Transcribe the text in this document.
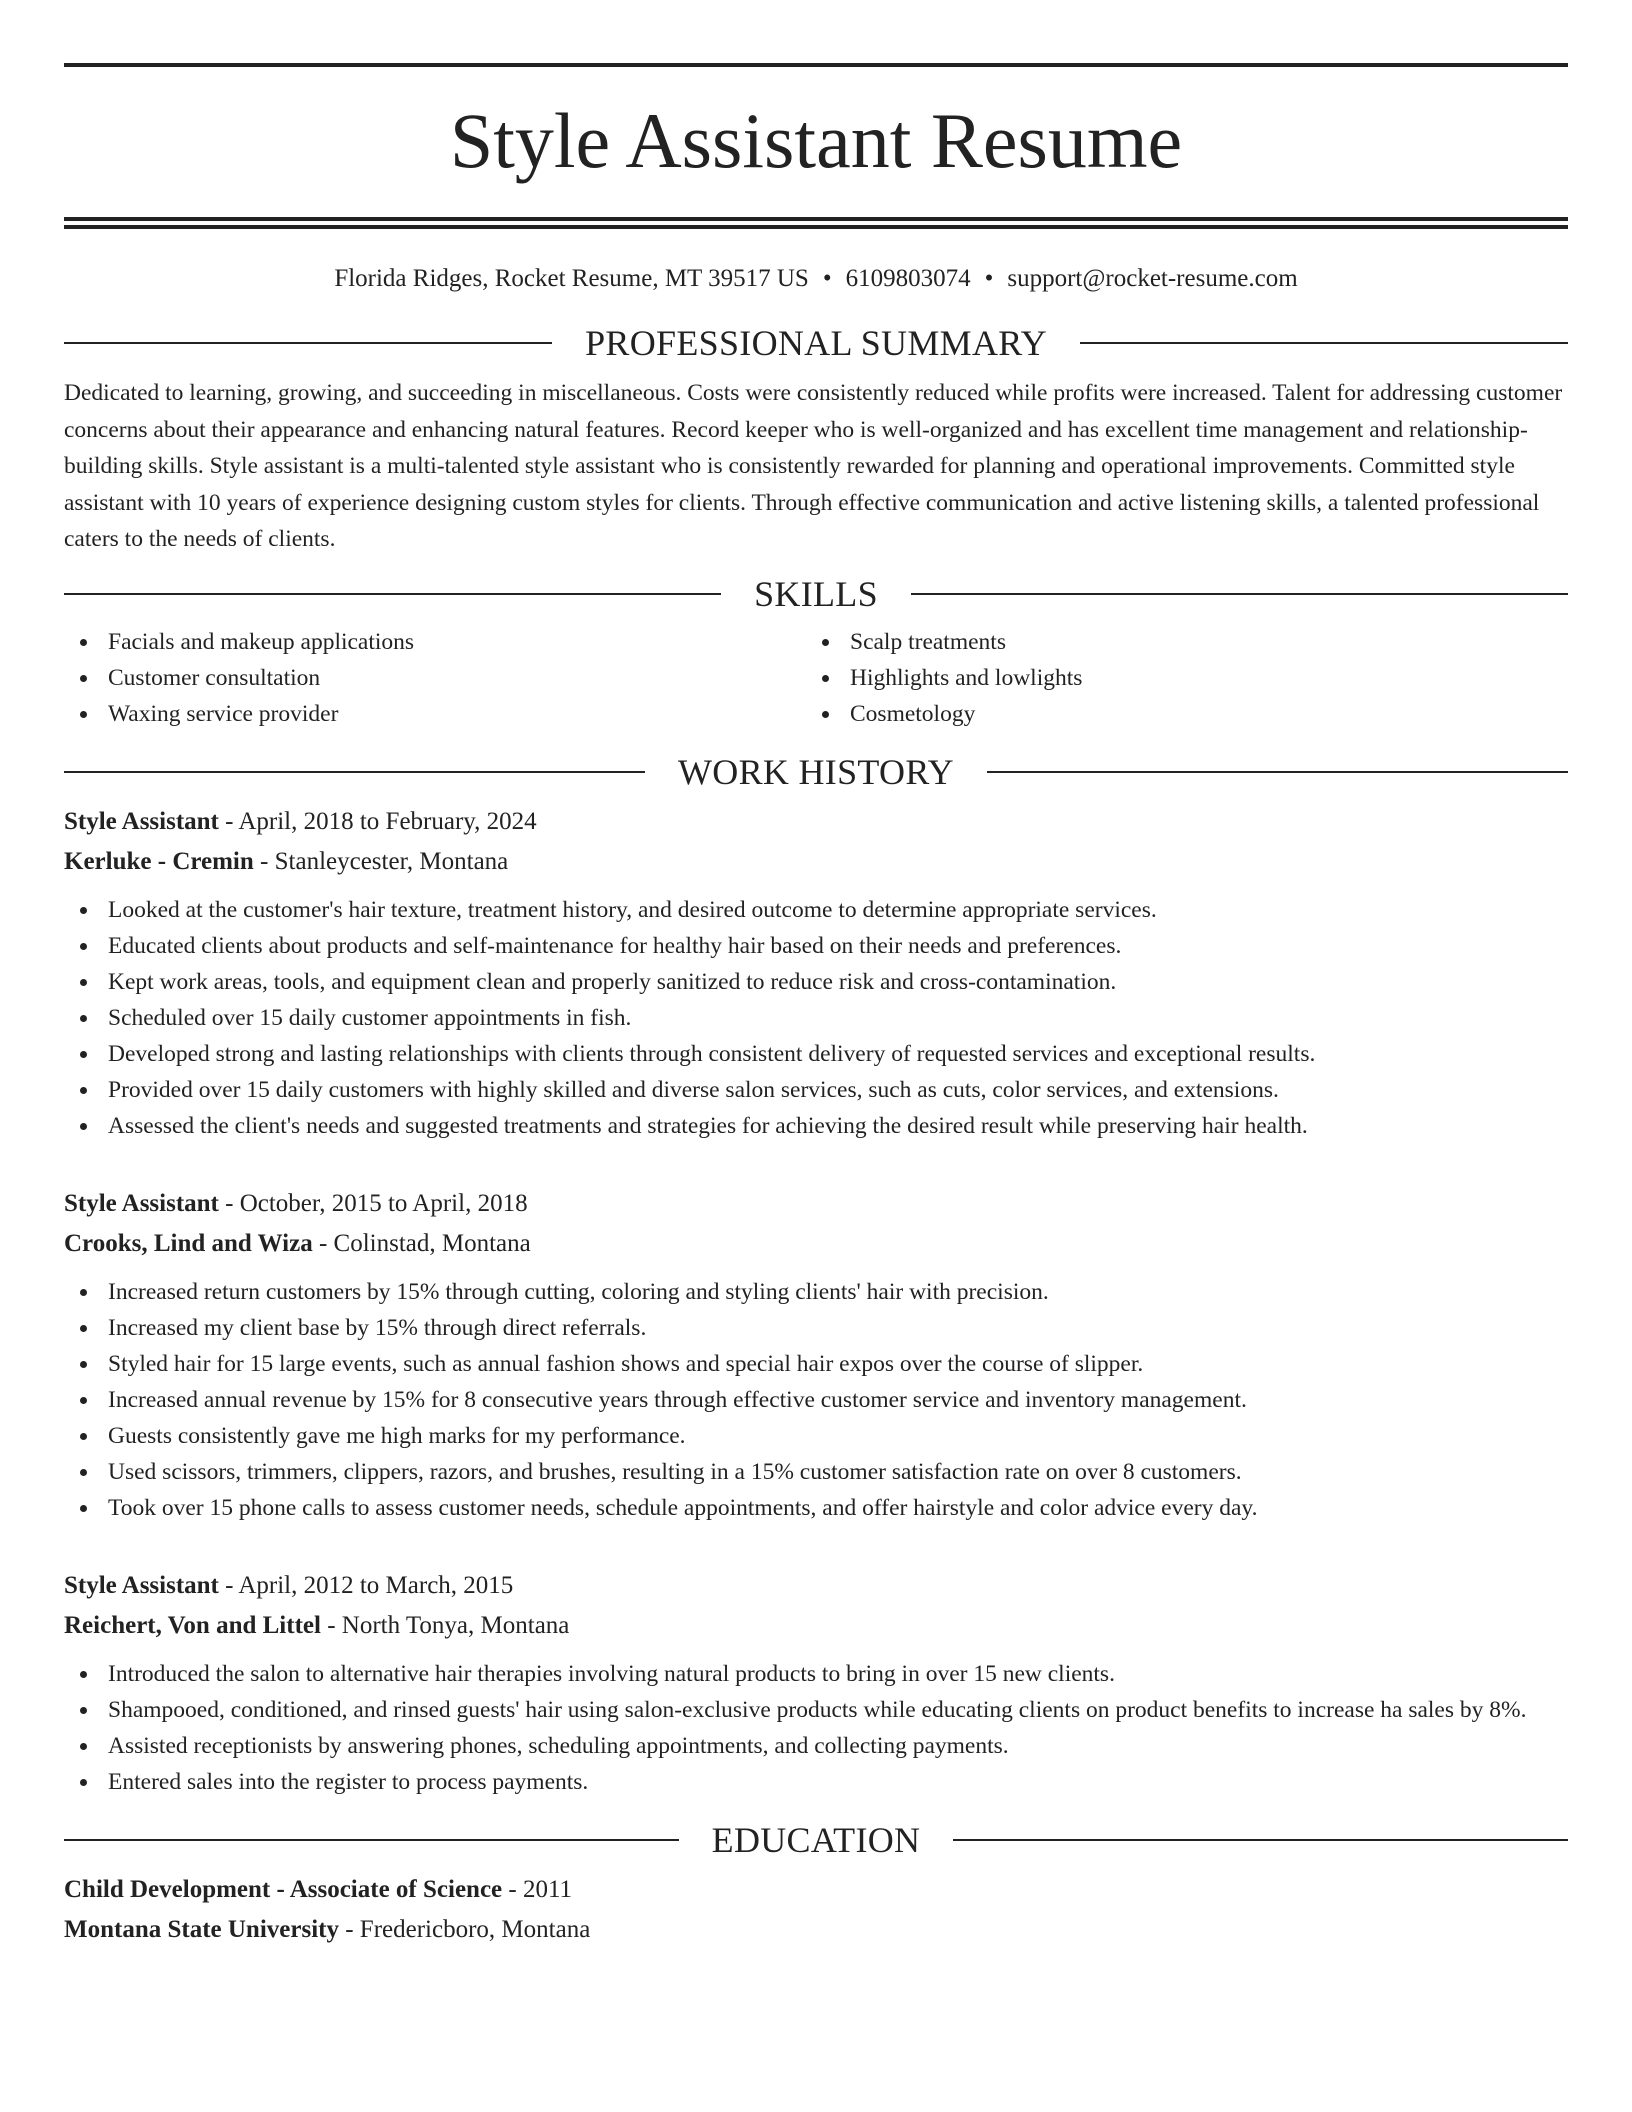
Style Assistant Resume
Florida Ridges, Rocket Resume, MT 39517 US • 6109803074 • support@rocket-resume.com
PROFESSIONAL SUMMARY

Dedicated to learning, growing, and succeeding in miscellaneous. Costs were consistently reduced while profits were increased. Talent for addressing customer concerns about their appearance and enhancing natural features. Record keeper who is well-organized and has excellent time management and relationship-building skills. Style assistant is a multi-talented style assistant who is consistently rewarded for planning and operational improvements. Committed style assistant with 10 years of experience designing custom styles for clients. Through effective communication and active listening skills, a talented professional caters to the needs of clients.

SKILLS
Facials and makeup applications
Customer consultation
Waxing service provider
Scalp treatments
Highlights and lowlights
Cosmetology
WORK HISTORY
Style Assistant - April, 2018 to February, 2024
Kerluke - Cremin - Stanleycester, Montana
Looked at the customer's hair texture, treatment history, and desired outcome to determine appropriate services.
Educated clients about products and self-maintenance for healthy hair based on their needs and preferences.
Kept work areas, tools, and equipment clean and properly sanitized to reduce risk and cross-contamination.
Scheduled over 15 daily customer appointments in fish.
Developed strong and lasting relationships with clients through consistent delivery of requested services and exceptional results.
Provided over 15 daily customers with highly skilled and diverse salon services, such as cuts, color services, and extensions.
Assessed the client's needs and suggested treatments and strategies for achieving the desired result while preserving hair health.
Style Assistant - October, 2015 to April, 2018
Crooks, Lind and Wiza - Colinstad, Montana
Increased return customers by 15% through cutting, coloring and styling clients' hair with precision.
Increased my client base by 15% through direct referrals.
Styled hair for 15 large events, such as annual fashion shows and special hair expos over the course of slipper.
Increased annual revenue by 15% for 8 consecutive years through effective customer service and inventory management.
Guests consistently gave me high marks for my performance.
Used scissors, trimmers, clippers, razors, and brushes, resulting in a 15% customer satisfaction rate on over 8 customers.
Took over 15 phone calls to assess customer needs, schedule appointments, and offer hairstyle and color advice every day.
Style Assistant - April, 2012 to March, 2015
Reichert, Von and Littel - North Tonya, Montana
Introduced the salon to alternative hair therapies involving natural products to bring in over 15 new clients.
Shampooed, conditioned, and rinsed guests' hair using salon-exclusive products while educating clients on product benefits to increase ha sales by 8%.
Assisted receptionists by answering phones, scheduling appointments, and collecting payments.
Entered sales into the register to process payments.
EDUCATION
Child Development - Associate of Science - 2011
Montana State University - Fredericboro, Montana
